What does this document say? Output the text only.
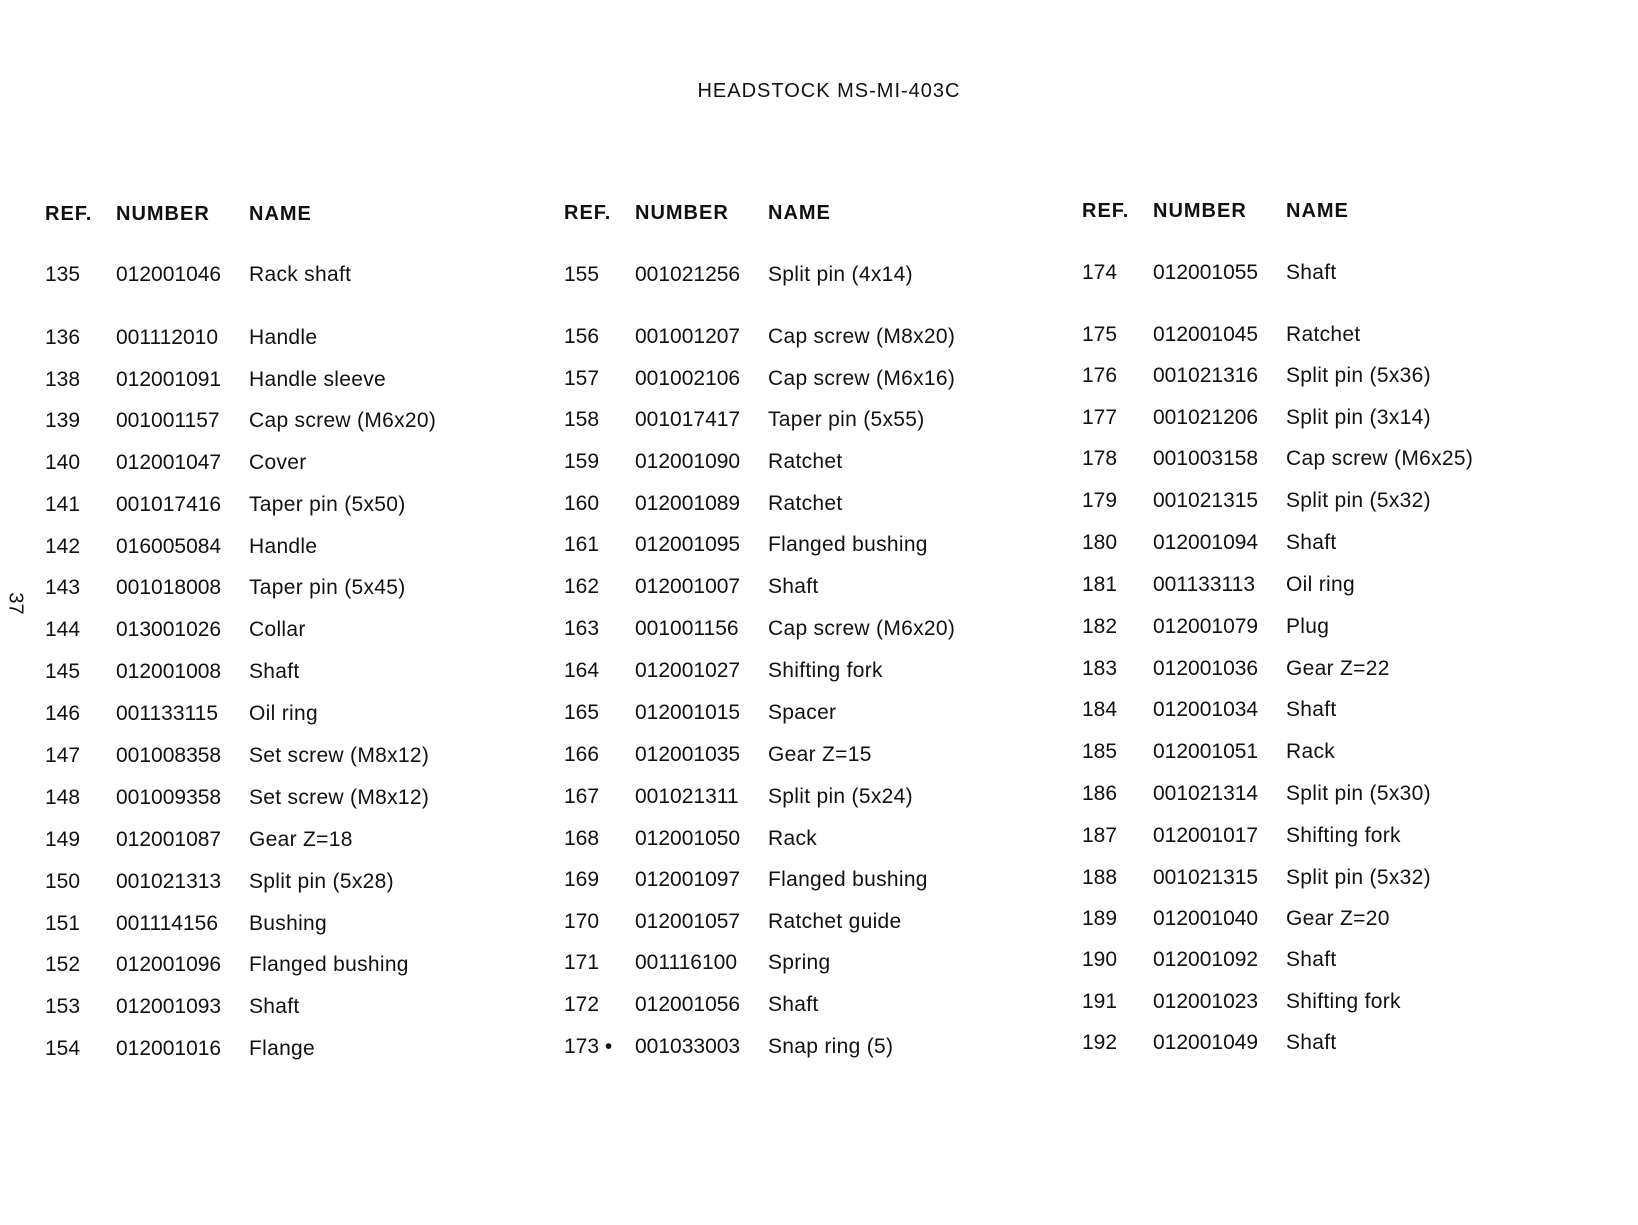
HEADSTOCK MS-MI-403C
37
REF. NUMBER NAME
135 012001046 Rack shaft
136 001112010 Handle
138 012001091 Handle sleeve
139 001001157 Cap screw (M6x20)
140 012001047 Cover
141 001017416 Taper pin (5x50)
142 016005084 Handle
143 001018008 Taper pin (5x45)
144 013001026 Collar
145 012001008 Shaft
146 001133115 Oil ring
147 001008358 Set screw (M8x12)
148 001009358 Set screw (M8x12)
149 012001087 Gear Z=18
150 001021313 Split pin (5x28)
151 001114156 Bushing
152 012001096 Flanged bushing
153 012001093 Shaft
154 012001016 Flange
REF. NUMBER NAME
155 001021256 Split pin (4x14)
156 001001207 Cap screw (M8x20)
157 001002106 Cap screw (M6x16)
158 001017417 Taper pin (5x55)
159 012001090 Ratchet
160 012001089 Ratchet
161 012001095 Flanged bushing
162 012001007 Shaft
163 001001156 Cap screw (M6x20)
164 012001027 Shifting fork
165 012001015 Spacer
166 012001035 Gear Z=15
167 001021311 Split pin (5x24)
168 012001050 Rack
169 012001097 Flanged bushing
170 012001057 Ratchet guide
171 001116100 Spring
172 012001056 Shaft
173 • 001033003 Snap ring (5)
REF. NUMBER NAME
174 012001055 Shaft
175 012001045 Ratchet
176 001021316 Split pin (5x36)
177 001021206 Split pin (3x14)
178 001003158 Cap screw (M6x25)
179 001021315 Split pin (5x32)
180 012001094 Shaft
181 001133113 Oil ring
182 012001079 Plug
183 012001036 Gear Z=22
184 012001034 Shaft
185 012001051 Rack
186 001021314 Split pin (5x30)
187 012001017 Shifting fork
188 001021315 Split pin (5x32)
189 012001040 Gear Z=20
190 012001092 Shaft
191 012001023 Shifting fork
192 012001049 Shaft
